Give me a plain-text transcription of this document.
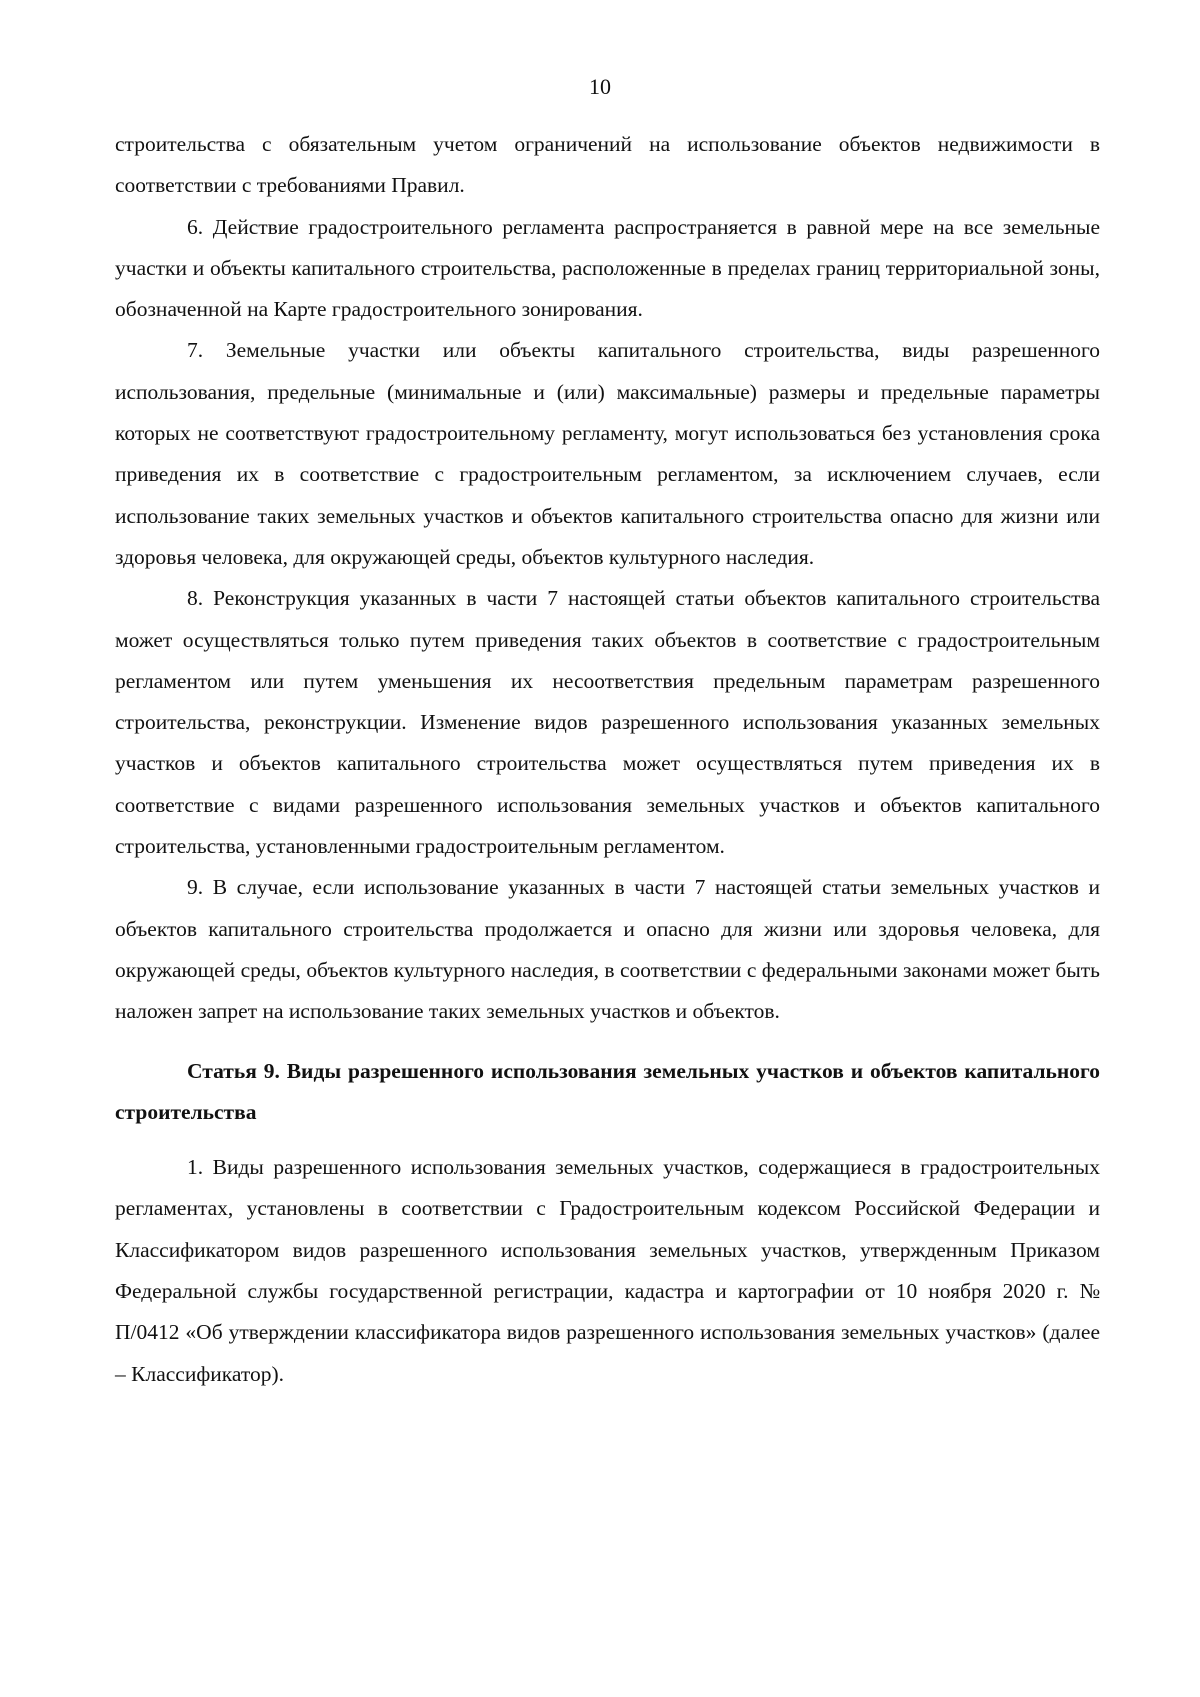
10

строительства с обязательным учетом ограничений на использование объектов недвижимости в соответствии с требованиями Правил.

6. Действие градостроительного регламента распространяется в равной мере на все земельные участки и объекты капитального строительства, расположенные в пределах границ территориальной зоны, обозначенной на Карте градостроительного зонирования.

7. Земельные участки или объекты капитального строительства, виды разрешенного использования, предельные (минимальные и (или) максимальные) размеры и предельные параметры которых не соответствуют градостроительному регламенту, могут использоваться без установления срока приведения их в соответствие с градостроительным регламентом, за исключением случаев, если использование таких земельных участков и объектов капитального строительства опасно для жизни или здоровья человека, для окружающей среды, объектов культурного наследия.

8. Реконструкция указанных в части 7 настоящей статьи объектов капитального строительства может осуществляться только путем приведения таких объектов в соответствие с градостроительным регламентом или путем уменьшения их несоответствия предельным параметрам разрешенного строительства, реконструкции. Изменение видов разрешенного использования указанных земельных участков и объектов капитального строительства может осуществляться путем приведения их в соответствие с видами разрешенного использования земельных участков и объектов капитального строительства, установленными градостроительным регламентом.

9. В случае, если использование указанных в части 7 настоящей статьи земельных участков и объектов капитального строительства продолжается и опасно для жизни или здоровья человека, для окружающей среды, объектов культурного наследия, в соответствии с федеральными законами может быть наложен запрет на использование таких земельных участков и объектов.

Статья 9. Виды разрешенного использования земельных участков и объектов капитального строительства

1. Виды разрешенного использования земельных участков, содержащиеся в градостроительных регламентах, установлены в соответствии с Градостроительным кодексом Российской Федерации и Классификатором видов разрешенного использования земельных участков, утвержденным Приказом Федеральной службы государственной регистрации, кадастра и картографии от 10 ноября 2020 г. № П/0412 «Об утверждении классификатора видов разрешенного использования земельных участков» (далее – Классификатор).
